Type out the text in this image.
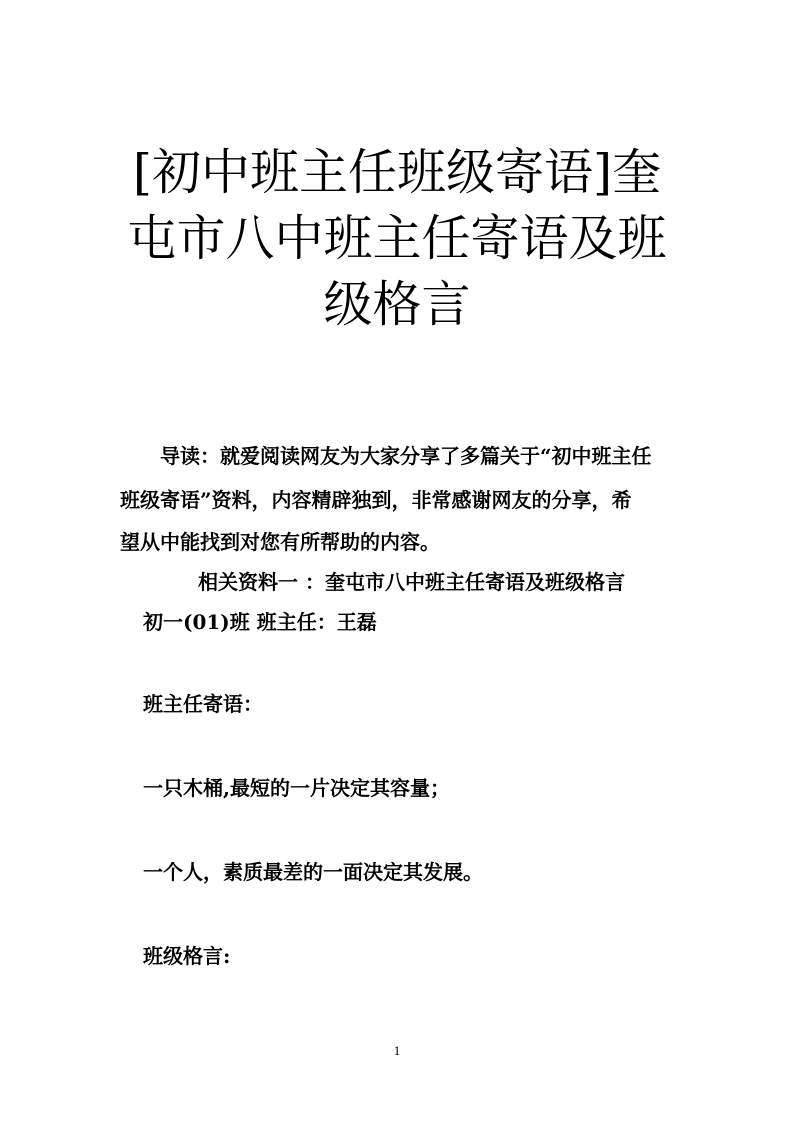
[初中班主任班级寄语]奎
屯市八中班主任寄语及班
级格言
导读：就爱阅读网友为大家分享了多篇关于“初中班主任
班级寄语”资料，内容精辟独到，非常感谢网友的分享，希
望从中能找到对您有所帮助的内容。
相关资料一 ：奎屯市八中班主任寄语及班级格言
初一(01)班 班主任：王磊
班主任寄语：
一只木桶,最短的一片决定其容量；
一个人，素质最差的一面决定其发展。
班级格言:
1
